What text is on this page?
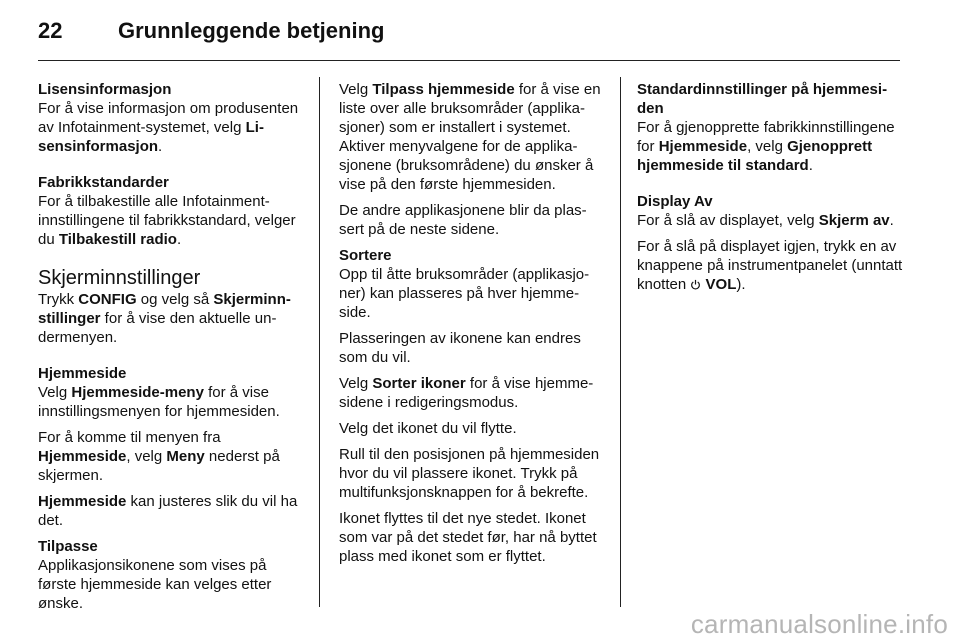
22	Grunnleggende betjening
Lisensinformasjon

For å vise informasjon om produsenten av Infotainment-systemet, velg Lisensinformasjon.

Fabrikkstandarder

For å tilbakestille alle Infotainment-innstillingene til fabrikkstandard, velger du Tilbakestill radio.

Skjerminnstillinger

Trykk CONFIG og velg så Skjerminnstillinger for å vise den aktuelle undermenyen.

Hjemmeside

Velg Hjemmeside-meny for å vise innstillingsmenyen for hjemmesiden.

For å komme til menyen fra Hjemmeside, velg Meny nederst på skjermen.

Hjemmeside kan justeres slik du vil ha det.

Tilpasse

Applikasjonsikonene som vises på første hjemmeside kan velges etter ønske.

Velg Tilpass hjemmeside for å vise en liste over alle bruksområder (applikasjoner) som er installert i systemet. Aktiver menyvalgene for de applikasjonene (bruksområdene) du ønsker å vise på den første hjemmesiden.

De andre applikasjonene blir da plassert på de neste sidene.

Sortere

Opp til åtte bruksområder (applikasjoner) kan plasseres på hver hjemmeside.

Plasseringen av ikonene kan endres som du vil.

Velg Sorter ikoner for å vise hjemmesidene i redigeringsmodus.

Velg det ikonet du vil flytte.

Rull til den posisjonen på hjemmesiden hvor du vil plassere ikonet. Trykk på multifunksjonsknappen for å bekrefte.

Ikonet flyttes til det nye stedet. Ikonet som var på det stedet før, har nå byttet plass med ikonet som er flyttet.

Standardinnstillinger på hjemmesiden

For å gjenopprette fabrikkinnstillingene for Hjemmeside, velg Gjenopprett hjemmeside til standard.

Display Av

For å slå av displayet, velg Skjerm av.

For å slå på displayet igjen, trykk en av knappene på instrumentpanelet (unntatt knotten  VOL).

carmanualsonline.info
